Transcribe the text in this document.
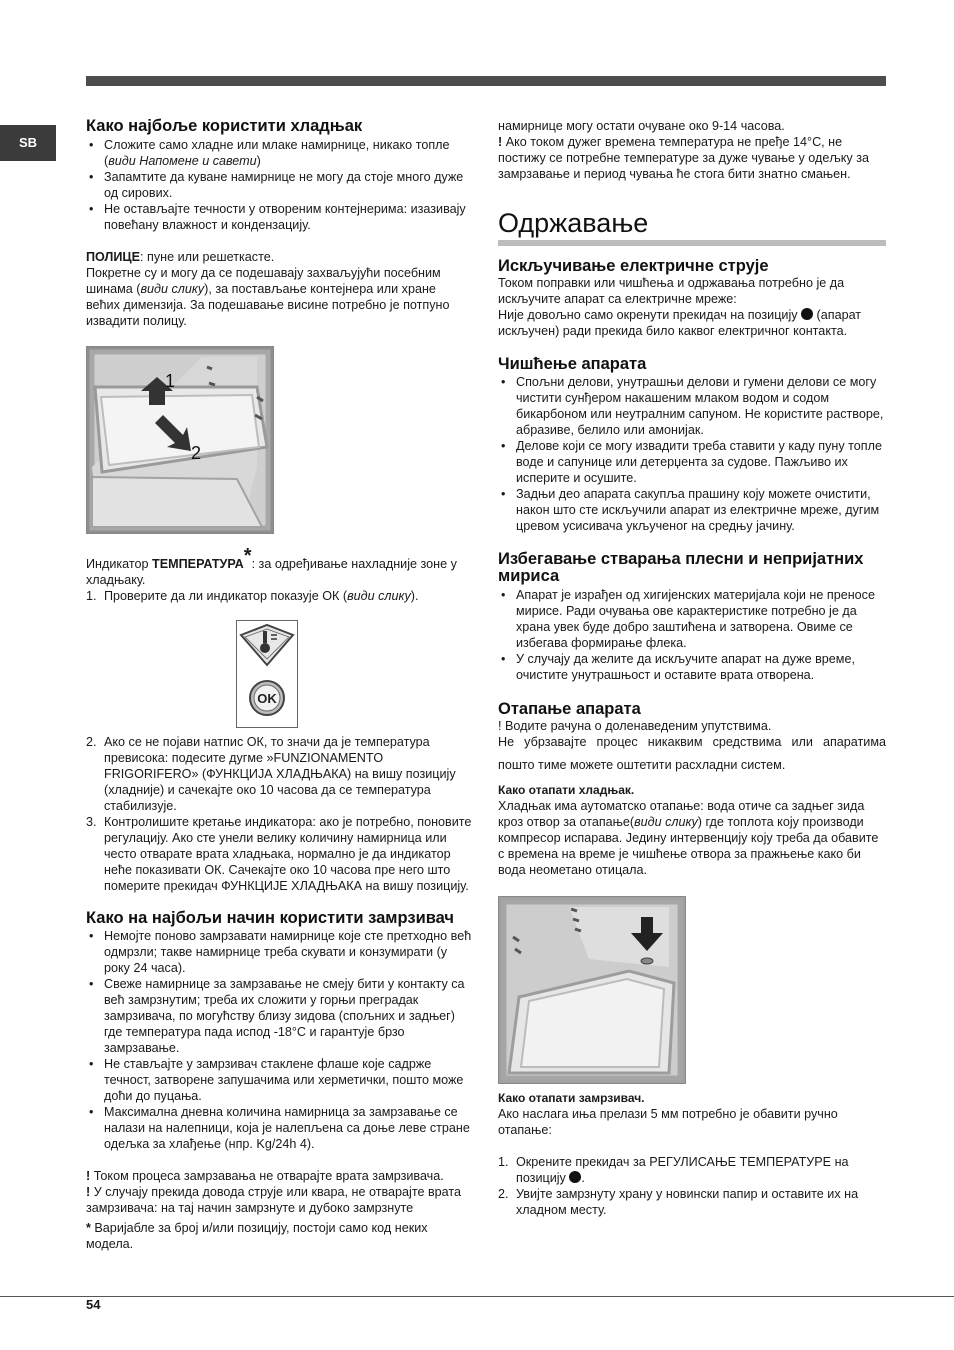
SB
Како најбоље користити хладњак
• Сложите само хладне или млаке намирнице, никако топле (види Напомене и савети)
• Запамтите да куване намирнице не могу да стоје много дуже од сирових.
• Не остављајте течности у отвореним контејнерима: изазивају повећану влажност и кондензацију.

ПОЛИЦЕ: пуне или решеткасте.
Покретне су и могу да се подешавају захваљујући посебним шинама (види слику), за постављање контејнера или хране већих димензија. За подешавање висине потребно је потпуно извадити полицу.

1
2

Индикатор ТЕМПЕРАТУРА*: за одређивање нахладније зоне у хладњаку.

1. Проверите да ли индикатор показује ОК (види слику).
OK
2. Ако се не појави натпис ОК, то значи да је температура превисока: подесите дугме »FUNZIONAMENTO FRIGORIFERO» (ФУНКЦИЈА ХЛАДЊАКА) на вишу позицију (хладније) и сачекајте око 10 часова да се температура стабилизује.
3. Контролишите кретање индикатора: ако је потребно, поновите регулацију. Ако сте унели велику количину намирница или често отварате врата хладњака, нормално је да индикатор неће показивати ОК. Сачекајте око 10 часова пре него што померите прекидач ФУНКЦИЈЕ ХЛАДЊАКА на вишу позицију.
Како на најбољи начин користити замрзивач
• Немојте поново замрзавати намирнице које сте претходно већ одмрзли; такве намирнице треба скувати и конзумирати (у року 24 часа).
• Свеже намирнице за замрзавање не смеју бити у контакту са већ замрзнутим; треба их сложити у горњи преградак замрзивача, по могућству близу зидова (спољних и задњег) где температура пада испод -18°C и гарантује брзо замрзавање.
• Не стављајте у замрзивач стаклене флаше које садрже течност, затворене запушачима или херметички, пошто може доћи до пуцања.
• Максимална дневна количина намирница за замрзавање се налази на налепници, која је налепљена са доње леве стране одељка за хлађење (нпр. Kg/24h 4).

! Током процеса замрзавања не отварајте врата замрзивача.

! У случају прекида довода струје или квара, не отварајте врата замрзивача: на тај начин замрзнуте и дубоко замрзнуте

* Варијабле за број и/или позицију, постоји само код неких модела.

намирнице могу остати очуване око 9-14 часова.

! Ако током дужег времена температура не пређе 14°C, не постижу се потребне температуре за дуже чување у одељку за замрзавање и период чувања ће стога бити знатно смањен.

Одржавање
Искључивање електричне струје

Током поправки или чишћења и одржавања потребно је да искључите апарат са електричне мреже:

Није довољно само окренути прекидач на позицију  (апарат искључен) ради прекида било каквог електричног контакта.

Чишћење апарата
• Спољни делови, унутрашњи делови и гумени делови се могу чистити сунђером накашеним млаком водом и содом бикарбоном или неутралним сапуном. Не користите растворе, абразиве, белило или амонијак.
• Делове који се могу извадити треба ставити у каду пуну топле воде и сапунице или детерџента за судове. Пажљиво их исперите и осушите.
• Задњи део апарата сакупља прашину коју можете очистити, након што сте искључили апарат из електричне мреже, дугим цревом усисивача укљученог на средњу јачину.
Избегавање стварања плесни и непријатних мириса
• Апарат је израђен од хигијенских материјала који не преносе мирисе. Ради очувања ове карактеристике потребно је да храна увек буде добро заштићена и затворена. Овиме се избегава формирање флека.
• У случају да желите да искључите апарат на дуже време, очистите унутрашњост и оставите врата отворена.
Отапање апарата

! Водите рачуна о доленаведеним упутствима.

Не убрзавајте процес никаквим средствима или апаратима

пошто тиме можете оштетити расхладни систем.

Како отапати хладњак.

Хладњак има аутоматско отапање: вода отиче са задњег зида кроз отвор за отапање(види слику) где топлота коју производи компресор испарава. Једину интервенцију коју треба да обавите с времена на време је чишћење отвора за пражњење како би вода неометано отицала.

Како отапати замрзивач.

Ако наслага иња прелази 5 мм потребно је обавити ручно отапање:

1. Окрените прекидач за РЕГУЛИСАЊЕ ТЕМПЕРАТУРЕ на позицију .
2. Увијте замрзнуту храну у новински папир и оставите их на хладном месту.
54
